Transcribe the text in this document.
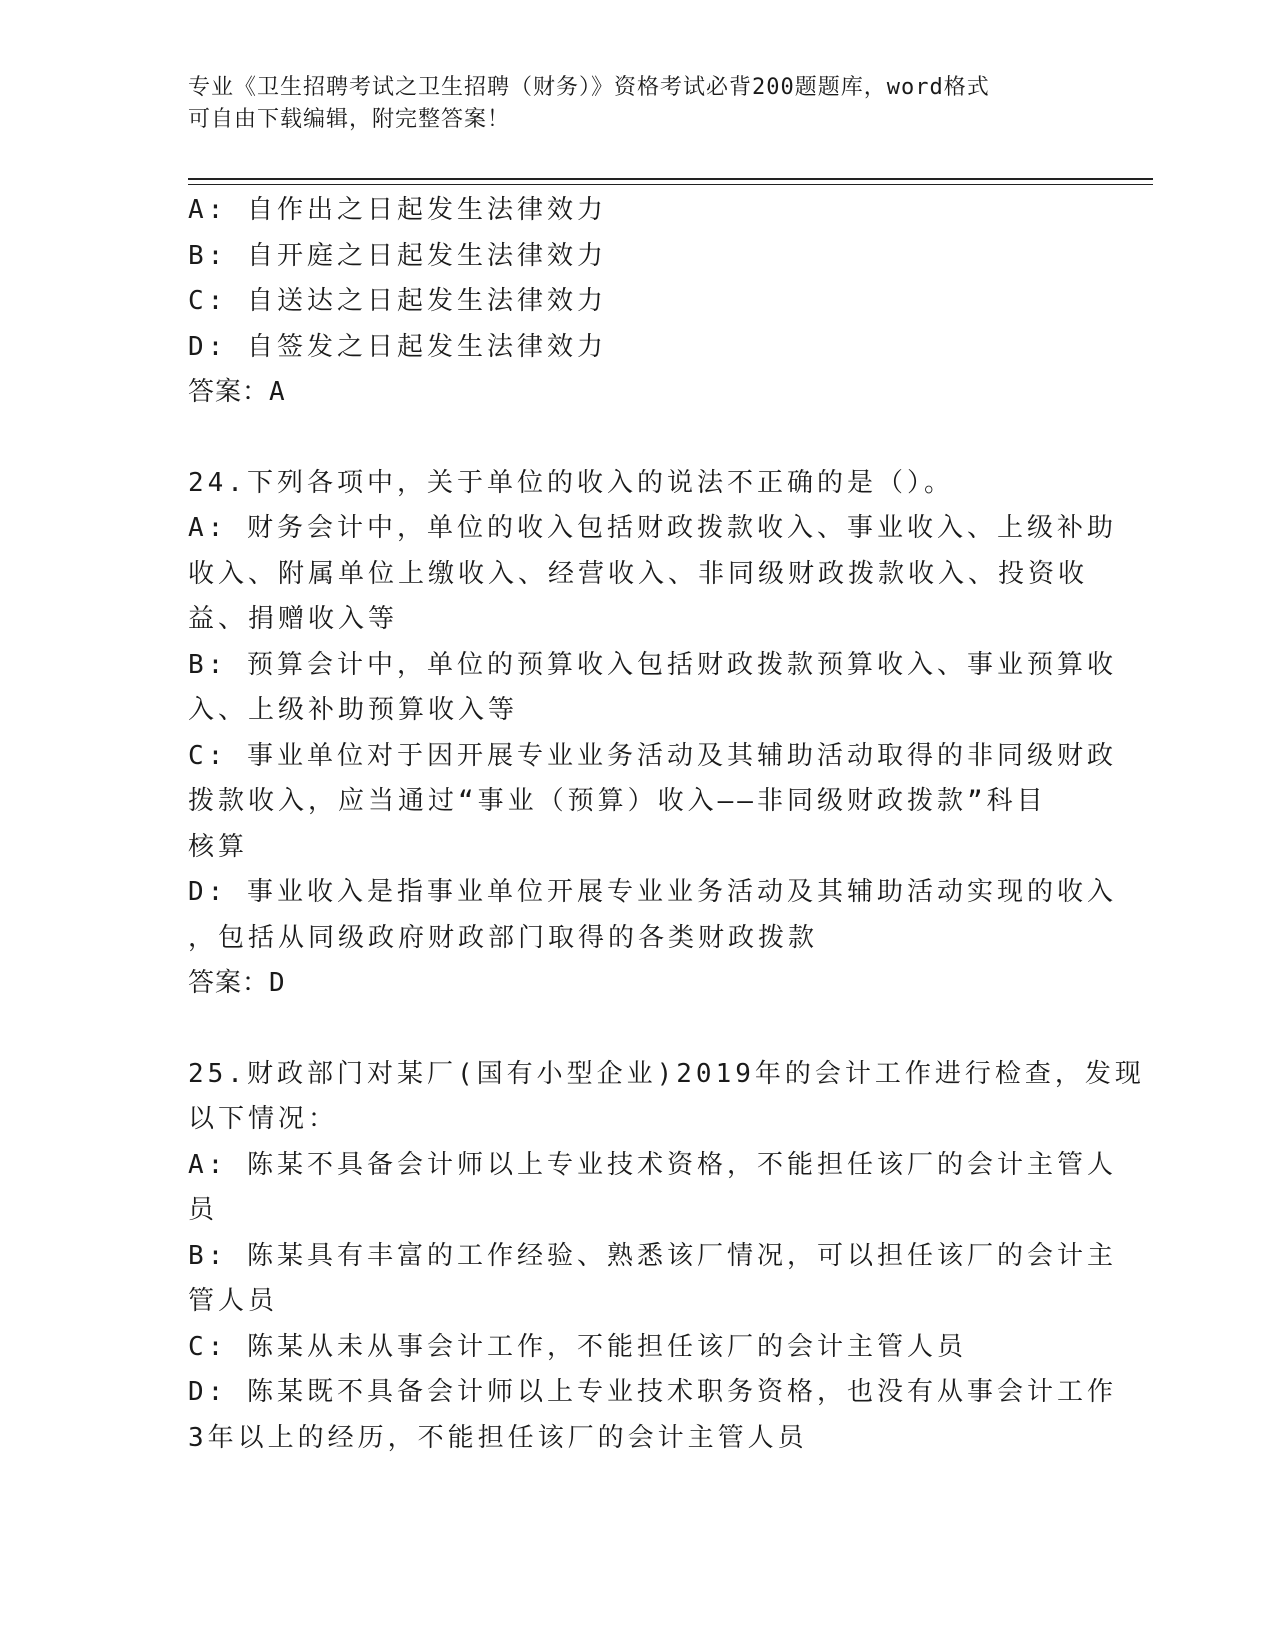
专业《卫生招聘考试之卫生招聘（财务）》资格考试必背200题题库，word格式
可自由下载编辑，附完整答案！

A: 自作出之日起发生法律效力

B: 自开庭之日起发生法律效力

C: 自送达之日起发生法律效力

D: 自签发之日起发生法律效力

答案：A

24.下列各项中，关于单位的收入的说法不正确的是（）。

A: 财务会计中，单位的收入包括财政拨款收入、事业收入、上级补助

收入、附属单位上缴收入、经营收入、非同级财政拨款收入、投资收

益、捐赠收入等

B: 预算会计中，单位的预算收入包括财政拨款预算收入、事业预算收

入、上级补助预算收入等

C: 事业单位对于因开展专业业务活动及其辅助活动取得的非同级财政

拨款收入，应当通过“事业（预算）收入——非同级财政拨款”科目

核算

D: 事业收入是指事业单位开展专业业务活动及其辅助活动实现的收入

，包括从同级政府财政部门取得的各类财政拨款

答案：D

25.财政部门对某厂(国有小型企业)2019年的会计工作进行检查，发现

以下情况：

A: 陈某不具备会计师以上专业技术资格，不能担任该厂的会计主管人

员

B: 陈某具有丰富的工作经验、熟悉该厂情况，可以担任该厂的会计主

管人员

C: 陈某从未从事会计工作，不能担任该厂的会计主管人员

D: 陈某既不具备会计师以上专业技术职务资格，也没有从事会计工作

3年以上的经历，不能担任该厂的会计主管人员
